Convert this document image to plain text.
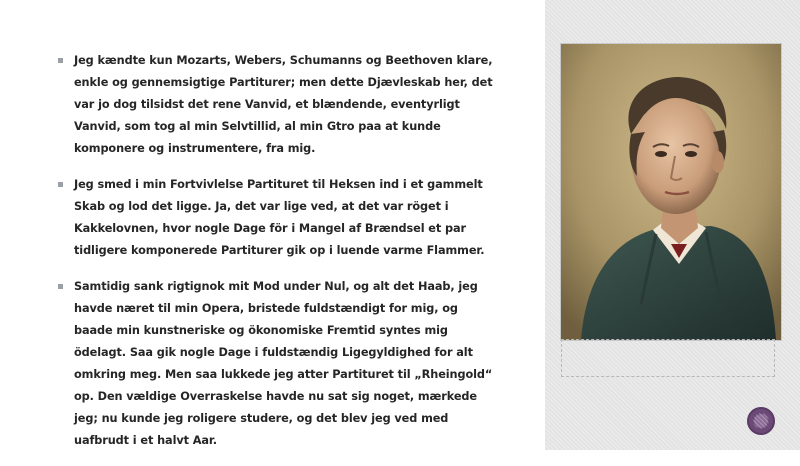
Jeg kændte kun Mozarts, Webers, Schumanns og Beethoven klare, enkle og gennemsigtige Partiturer; men dette Djævleskab her, det var jo dog tilsidst det rene Vanvid, et blændende, eventyrligt Vanvid, som tog al min Selvtillid, al min Gtro paa at kunde komponere og instrumentere, fra mig.
Jeg smed i min Fortvivlelse Partituret til Heksen ind i et gammelt Skab og lod det ligge. Ja, det var lige ved, at det var röget i Kakkelovnen, hvor nogle Dage för i Mangel af Brændsel et par tidligere komponerede Partiturer gik op i luende varme Flammer.
Samtidig sank rigtignok mit Mod under Nul, og alt det Haab, jeg havde næret til min Opera, bristede fuldstændigt for mig, og baade min kunstneriske og ökonomiske Fremtid syntes mig ödelagt. Saa gik nogle Dage i fuldstændig Ligegyldighed for alt omkring meg. Men saa lukkede jeg atter Partituret til „Rheingold“ op. Den vældige Overraskelse havde nu sat sig noget, mærkede jeg; nu kunde jeg roligere studere, og det blev jeg ved med uafbrudt i et halvt Aar.
